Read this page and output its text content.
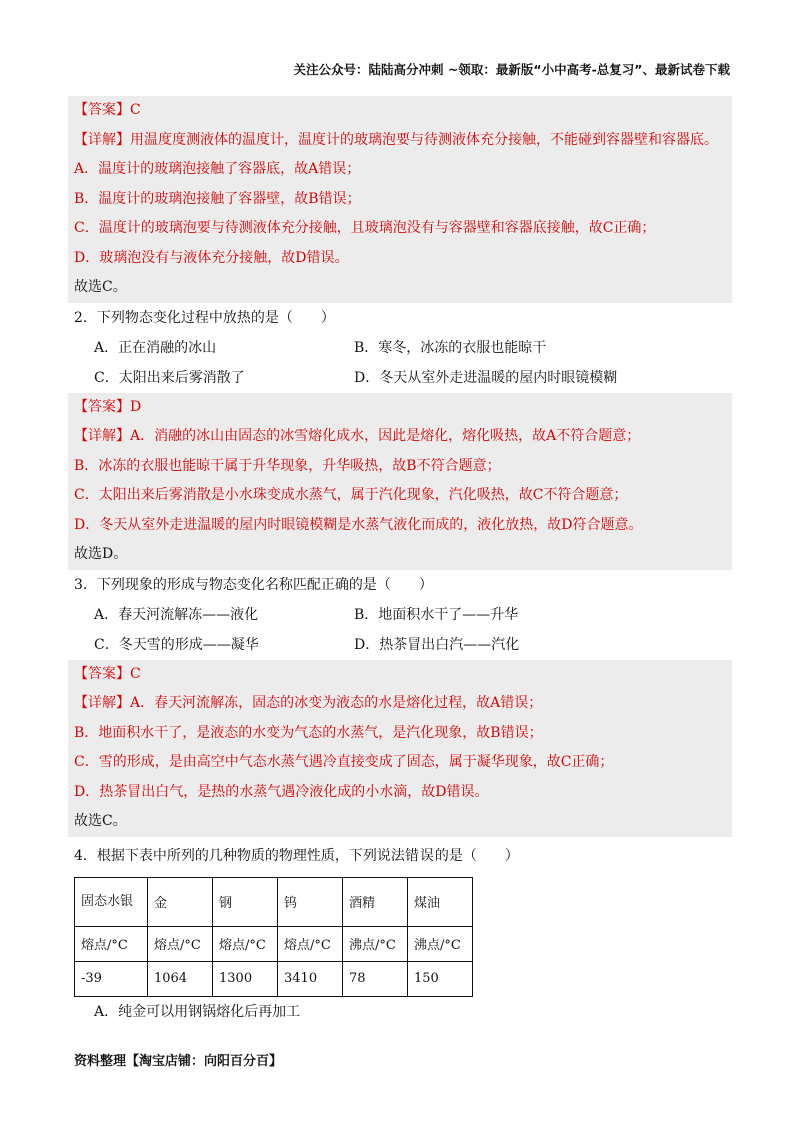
关注公众号：陆陆高分冲刺 ~领取：最新版“小中高考-总复习”、最新试卷下载
【答案】C
【详解】用温度度测液体的温度计，温度计的玻璃泡要与待测液体充分接触，不能碰到容器壁和容器底。
A．温度计的玻璃泡接触了容器底，故A错误；
B．温度计的玻璃泡接触了容器壁，故B错误；
C．温度计的玻璃泡要与待测液体充分接触，且玻璃泡没有与容器壁和容器底接触，故C正确；
D．玻璃泡没有与液体充分接触，故D错误。
故选C。
2．下列物态变化过程中放热的是（　　）
A．正在消融的冰山	B．寒冬，冰冻的衣服也能晾干
C．太阳出来后雾消散了	D．冬天从室外走进温暖的屋内时眼镜模糊
【答案】D
【详解】A．消融的冰山由固态的冰雪熔化成水，因此是熔化，熔化吸热，故A不符合题意；
B．冰冻的衣服也能晾干属于升华现象，升华吸热，故B不符合题意；
C．太阳出来后雾消散是小水珠变成水蒸气，属于汽化现象，汽化吸热，故C不符合题意；
D．冬天从室外走进温暖的屋内时眼镜模糊是水蒸气液化而成的，液化放热，故D符合题意。
故选D。
3．下列现象的形成与物态变化名称匹配正确的是（　　）
A．春天河流解冻——液化	B．地面积水干了——升华
C．冬天雪的形成——凝华	D．热茶冒出白汽——汽化
【答案】C
【详解】A．春天河流解冻，固态的冰变为液态的水是熔化过程，故A错误；
B．地面积水干了，是液态的水变为气态的水蒸气，是汽化现象，故B错误；
C．雪的形成，是由高空中气态水蒸气遇冷直接变成了固态，属于凝华现象，故C正确；
D．热茶冒出白气，是热的水蒸气遇冷液化成的小水滴，故D错误。
故选C。
4．根据下表中所列的几种物质的物理性质，下列说法错误的是（　　）
固态水银	金	钢	钨	酒精	煤油
熔点/°C	熔点/°C	熔点/°C	熔点/°C	沸点/°C	沸点/°C
-39	1064	1300	3410	78	150
A．纯金可以用钢锅熔化后再加工
资料整理【淘宝店铺：向阳百分百】
